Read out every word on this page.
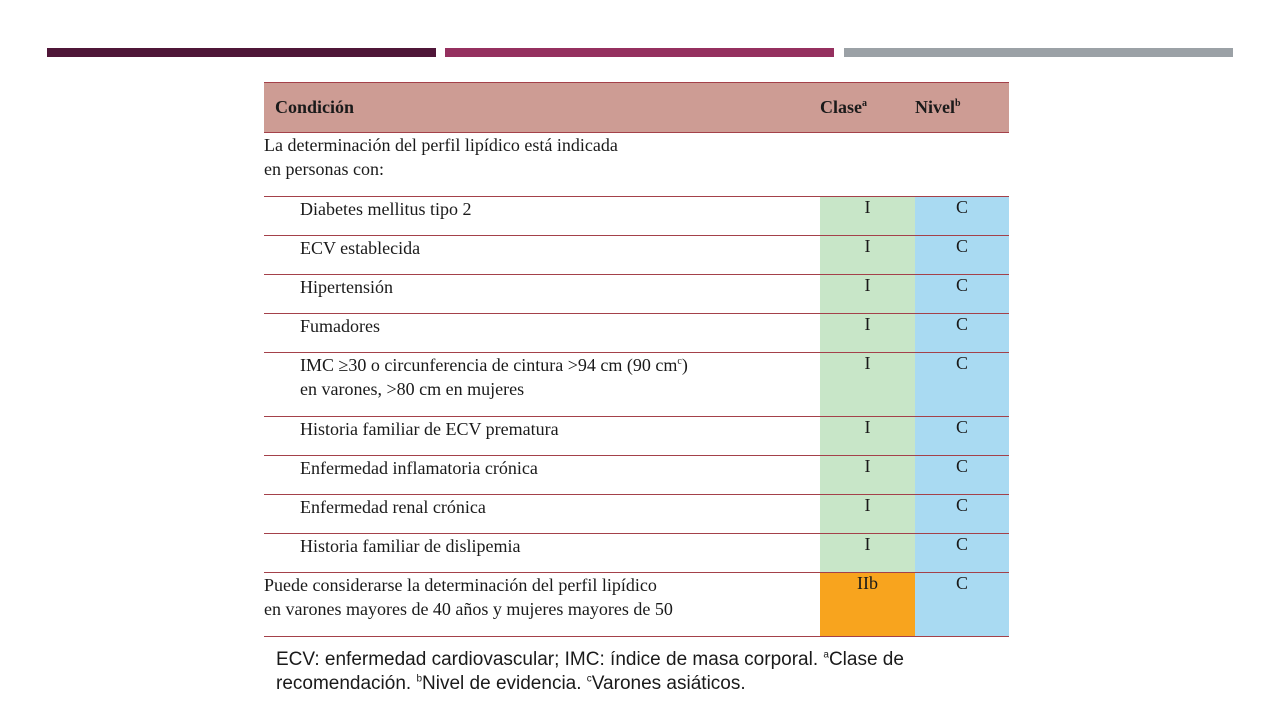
Condición	Clase$^a$	Nivel$^b$
La determinación del perfil lipídico está indicada en personas con:		
Diabetes mellitus tipo 2	I	C
ECV establecida	I	C
Hipertensión	I	C
Fumadores	I	C
IMC ≥30 o circunferencia de cintura >94 cm (90 $cm^c$)
en varones, >80 cm en mujeres	I	C
Historia familiar de ECV prematura	I	C
Enfermedad inflamatoria crónica	I	C
Enfermedad renal crónica	I	C
Historia familiar de dislipemia	I	C
Puede considerarse la determinación del perfil lipídico
en varones mayores de 40 años y mujeres mayores de 50	IIb	C
ECV: enfermedad cardiovascular; IMC: índice de masa corporal. $^a$Clase de recomendación. $^b$Nivel de evidencia. $^c$Varones asiáticos.
